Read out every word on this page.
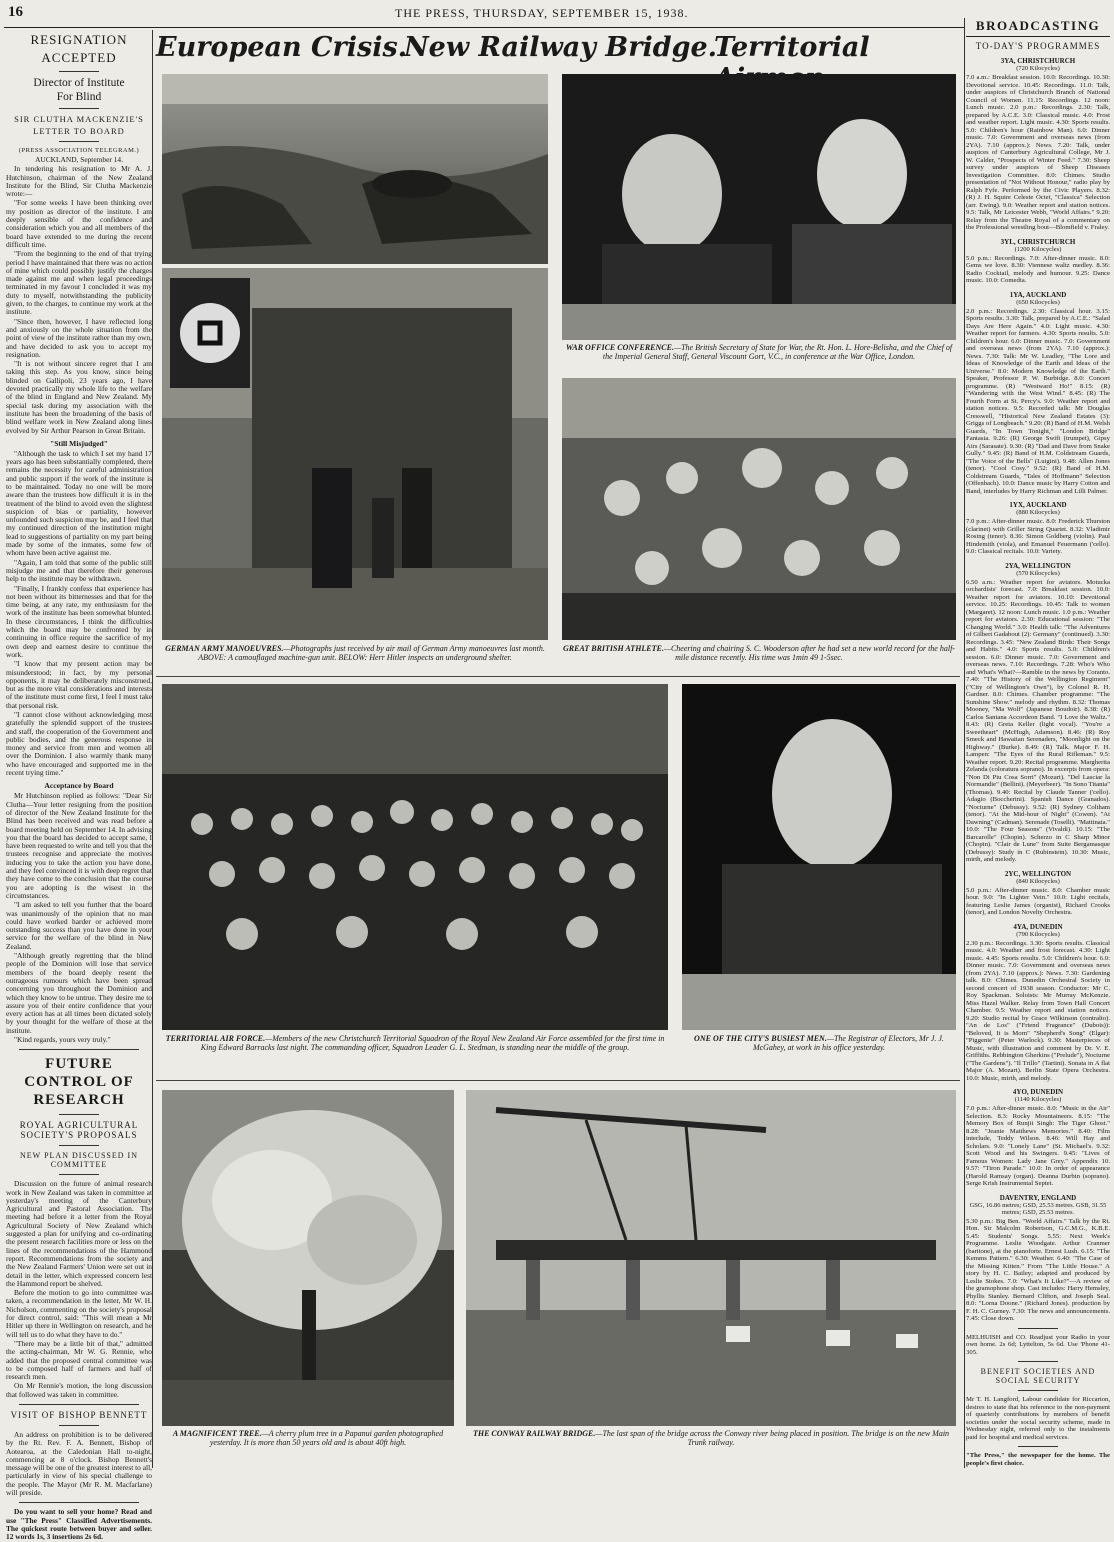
16	THE PRESS, THURSDAY, SEPTEMBER 15, 1938.
RESIGNATION
ACCEPTED
Director of Institute
For Blind
SIR CLUTHA MACKENZIE'S
LETTER TO BOARD
(PRESS ASSOCIATION TELEGRAM.)

AUCKLAND, September 14.

In tendering his resignation to Mr A. J. Hutchinson, chairman of the New Zealand Institute for the Blind, Sir Clutha Mackenzie wrote:—

"For some weeks I have been thinking over my position as director of the institute. I am deeply sensible of the confidence and consideration which you and all members of the board have extended to me during the recent difficult time.

"From the beginning to the end of that trying period I have maintained that there was no action of mine which could possibly justify the charges made against me and when legal proceedings terminated in my favour I concluded it was my duty to myself, notwithstanding the publicity given, to the charges, to continue my work at the institute.

"Since then, however, I have reflected long and anxiously on the whole situation from the point of view of the institute rather than my own, and have decided to ask you to accept my resignation.

"It is not without sincere regret that I am taking this step. As you know, since being blinded on Gallipoli, 23 years ago, I have devoted practically my whole life to the welfare of the blind in England and New Zealand. My special task during my association with the institute has been the broadening of the basis of blind welfare work in New Zealand along lines evolved by Sir Arthur Pearson in Great Britain.

"Still Misjudged"

"Although the task to which I set my hand 17 years ago has been substantially completed, there remains the necessity for careful administration and public support if the work of the institute is to be maintained. Today no one will be more aware than the trustees how difficult it is in the treatment of the blind to avoid even the slightest suspicion of bias or partiality, however unfounded such suspicion may be, and I feel that my continued direction of the institution might lead to suggestions of partiality on my part being made by some of the inmates, some few of whom have been active against me.

"Again, I am told that some of the public still misjudge me and that therefore their generous help to the institute may be withdrawn.

"Finally, I frankly confess that experience has not been without its bitternesses and that for the time being, at any rate, my enthusiasm for the work of the institute has been somewhat blunted. In these circumstances, I think the difficulties which the board may be confronted by in continuing in office require the sacrifice of my own deep and earnest desire to continue the work.

"I know that my present action may be misunderstood; in fact, by my personal opponents, it may be deliberately misconstrued, but as the more vital considerations and interests of the institute must come first, I feel I must take that personal risk.

"I cannot close without acknowledging most gratefully the splendid support of the trustees and staff, the cooperation of the Government and public bodies, and the generous response in money and service from men and women all over the Dominion. I also warmly thank many who have encouraged and supported me in the recent trying time."

Acceptance by Board

Mr Hutchinson replied as follows: "Dear Sir Clutha—Your letter resigning from the position of director of the New Zealand Institute for the Blind has been received and was read before a board meeting held on September 14. In advising you that the board has decided to accept same, I have been requested to write and tell you that the trustees recognise and appreciate the motives inducing you to take the action you have done, and they feel convinced it is with deep regret that they have come to the conclusion that the course you are adopting is the wisest in the circumstances.

"I am asked to tell you further that the board was unanimously of the opinion that no man could have worked harder or achieved more outstanding success than you have done in your service for the welfare of the blind in New Zealand.

"Although greatly regretting that the blind people of the Dominion will lose that service members of the board deeply resent the outrageous rumours which have been spread concerning you throughout the Dominion and which they know to be untrue. They desire me to assure you of their entire confidence that your every action has at all times been dictated solely by your thought for the welfare of those at the institute.

"Kind regards, yours very truly."

FUTURE CONTROL OF RESEARCH
ROYAL AGRICULTURAL SOCIETY'S PROPOSALS
NEW PLAN DISCUSSED IN COMMITTEE

Discussion on the future of animal research work in New Zealand was taken in committee at yesterday's meeting of the Canterbury Agricultural and Pastoral Association. The meeting had before it a letter from the Royal Agricultural Society of New Zealand which suggested a plan for unifying and co-ordinating the present research facilities more or less on the lines of the recommendations of the Hammond report. Recommendations from the society and the New Zealand Farmers' Union were set out in detail in the letter, which expressed concern lest the Hammond report be shelved.

Before the motion to go into committee was taken, a recommendation in the letter, Mr W. H. Nicholson, commenting on the society's proposal for direct control, said: "This will mean a Mr Hitler up there in Wellington on research, and he will tell us to do what they have to do."

"There may be a little bit of that," admitted the acting-chairman, Mr W. G. Rennie, who added that the proposed central committee was to be composed half of farmers and half of research men.

On Mr Rennie's motion, the long discussion that followed was taken in committee.

VISIT OF BISHOP BENNETT

An address on prohibition is to be delivered by the Rt. Rev. F. A. Bennett, Bishop of Aotearoa, at the Caledonian Hall to-night, commencing at 8 o'clock. Bishop Bennett's message will be one of the greatest interest to all, particularly in view of his special challenge to the people. The Mayor (Mr R. M. Macfarlane) will preside.

Do you want to sell your home? Read and use "The Press" Classified Advertisements. The quickest route between buyer and seller. 12 words 1s, 3 insertions 2s 6d.

European Crisis.
New Railway Bridge.
Territorial
GERMAN ARMY MANOEUVRES.—Photographs just received by air mail of German Army manoeuvres last month. ABOVE: A camouflaged machine-gun unit. BELOW: Herr Hitler inspects an underground shelter.
WAR OFFICE CONFERENCE.—The British Secretary of State for War, the Rt. Hon. L. Hore-Belisha, and the Chief of the Imperial General Staff, General Viscount Gort, V.C., in conference at the War Office, London.
GREAT BRITISH ATHLETE.—Cheering and chairing S. C. Wooderson after he had set a new world record for the half-mile distance recently. His time was 1min 49 1-5sec.
TERRITORIAL AIR FORCE.—Members of the new Christchurch Territorial Squadron of the Royal New Zealand Air Force assembled for the first time in King Edward Barracks last night. The commanding officer, Squadron Leader G. L. Stedman, is standing near the middle of the group.
ONE OF THE CITY'S BUSIEST MEN.—The Registrar of Electors, Mr J. J. McGahey, at work in his office yesterday.
A MAGNIFICENT TREE.—A cherry plum tree in a Papanui garden photographed yesterday. It is more than 50 years old and is about 40ft high.
THE CONWAY RAILWAY BRIDGE.—The last span of the bridge across the Conway river being placed in position. The bridge is on the new Main Trunk railway.
BROADCASTING
TO-DAY'S PROGRAMMES
3YA, CHRISTCHURCH
(720 Kilocycles)

7.0 a.m.: Breakfast session. 10.0: Recordings. 10.30: Devotional service. 10.45: Recordings. 11.0: Talk, under auspices of Christchurch Branch of National Council of Women. 11.15: Recordings. 12 noon: Lunch music. 2.0 p.m.: Recordings. 2.30: Talk, prepared by A.C.E. 3.0: Classical music. 4.0: Frost and weather report. Light music. 4.30: Sports results. 5.0: Children's hour (Rainbow Man). 6.0: Dinner music. 7.0: Government and overseas news (from 2YA). 7.10 (approx.): News. 7.20: Talk, under auspices of Canterbury Agricultural College, Mr J. W. Calder, "Prospects of Winter Feed." 7.30: Sheep survey under auspices of Sheep Diseases Investigation Committee. 8.0: Chimes. Studio presentation of "Not Without Honour," radio play by Ralph Fyfe. Performed by the Civic Players. 8.32: (R) J. H. Squire Celeste Octet, "Classica" Selection (arr. Ewing). 9.0: Weather report and station notices. 9.5: Talk, Mr Leicester Webb, "World Affairs." 9.20: Relay from the Theatre Royal of a commentary on the Professional wrestling bout—Blomfield v. Fraley.

3YL, CHRISTCHURCH
(1200 Kilocycles)

5.0 p.m.: Recordings. 7.0: After-dinner music. 8.0: Gems we love. 8.30: Viennese waltz medley. 8.36: Radio Cocktail, melody and humour. 9.25: Dance music. 10.0: Comedia.

1YA, AUCKLAND
(650 Kilocycles)

2.0 p.m.: Recordings. 2.30: Classical hour. 3.15: Sports results. 3.30: Talk, prepared by A.C.E.: "Salad Days Are Here Again." 4.0: Light music. 4.30: Weather report for farmers. 4.30: Sports results. 5.0: Children's hour. 6.0: Dinner music. 7.0: Government and overseas news (from 2YA). 7.10 (approx.): News. 7.30: Talk: Mr W. Leadley, "The Lore and Ideas of Knowledge of the Earth and Ideas of the Universe." 8.0: Modern Knowledge of the Earth." Speaker, Professor P. W. Burbidge. 8.0: Concert programme. (R) "Westward Ho!" 8.15: (R) "Wandering with the West Wind." 8.45: (R) The Fourth Form at St. Percy's. 9.0: Weather report and station notices. 9.5: Recorded talk: Mr Douglas Cresswell, "Historical New Zealand Estates (3): Griggs of Longbeach." 9.20: (R) Band of H.M. Welsh Guards, "In Town Tonight," "London Bridge" Fantasia. 9.26: (R) George Swift (trumpet), Gipsy Airs (Sarasate). 9.30: (R) "Dad and Dave from Snake Gully." 9.45: (R) Band of H.M. Coldstream Guards, "The Voice of the Bells" (Luigini). 9.48: Allen Jones (tenor). "Cool Cosy." 9.52: (R) Band of H.M. Coldstream Guards, "Tales of Hoffmann" Selection (Offenbach). 10.0: Dance music by Harry Cotton and Band, interludes by Harry Richman and Lilli Palmer.

1YX, AUCKLAND
(880 Kilocycles)

7.0 p.m.: After-dinner music. 8.0: Frederick Thurston (clarinet) with Griller String Quartet. 8.32: Vladimir Rosing (tenor). 8.36: Simon Goldberg (violin). Paul Hindemith (viola), and Emanuel Feuermann ('cello). 9.0: Classical recitals. 10.0: Variety.

2YA, WELLINGTON
(570 Kilocycles)

6.50 a.m.: Weather report for aviators. Motucka orchardists' forecast. 7.0: Breakfast session. 10.0: Weather report for aviators. 10.10: Devotional service. 10.25: Recordings. 10.45: Talk to women (Margaret). 12 noon: Lunch music. 1.0 p.m.: Weather report for aviators. 2.30: Educational session: "The Changing World." 3.0: Health talk: "The Adventures of Gilbert Gadabout (2): Germany" (continued). 3.30: Recordings. 3.45: "New Zealand Birds: Their Songs and Habits." 4.0: Sports results. 5.0: Children's session. 6.0: Dinner music. 7.0: Government and overseas news. 7.10: Recordings. 7.28: Who's Who and What's What?—Ramble in the news by Coranto. 7.40: "The History of the Wellington Regiment" ("City of Wellington's Own"), by Colonel R. H. Gardner. 8.0: Chimes. Chamber programme: "The Sunshine Show." melody and rhythm. 8.32: Thomas Mooney, "Ma Wolf" (Japanese Boudoir). 8.38: (R) Carlos Santana Accordeon Band. "I Love the Waltz." 8.43: (R) Greta Keller (light vocal). "You're a Sweetheart" (McHugh, Adamson). 8.46: (R) Roy Smeck and Hawaiian Serenaders, "Moonlight on the Highway." (Burke). 8.49: (R) Talk. Major F. H. Lampen: "The Eyes of the Rural Rifleman." 9.5: Weather report. 9.20: Recital programme. Margherita Zelanda (coloratura soprano). In excerpts from opera: "Non Di Piu Cosa Sorri" (Mozart). "Del Lasciar la Normandie" (Bellini). (Meyerbeer). "In Sono Titania" (Thomas). 9.40: Recital by Claude Tanner ('cello). Adagio (Boccherini). Spanish Dance (Granados). "Nocturne" (Debussy). 9.52: (R) Sydney Coltham (tenor). "At the Mid-hour of Night" (Cowen). "At Dawning" (Cadman). Serenade (Toselli). "Mattinata." 10.0: "The Four Seasons" (Vivaldi). 10.15: "The Barcarolle" (Chopin). Scherzo in C Sharp Minor (Chopin). "Clair de Lune" from Suite Bergamasque (Debussy): Study in C (Rubinstein). 10.30: Music, mirth, and melody.

2YC, WELLINGTON
(840 Kilocycles)

5.0 p.m.: After-dinner music. 8.0: Chamber music hour. 9.0: "In Lighter Vein." 10.0: Light recitals, featuring Leslie James (organist), Richard Crooks (tenor), and London Novelty Orchestra.

4YA, DUNEDIN
(790 Kilocycles)

2.30 p.m.: Recordings. 3.30: Sports results. Classical music. 4.0: Weather and frost forecast. 4.30: Light music. 4.45: Sports results. 5.0: Children's hour. 6.0: Dinner music. 7.0: Government and overseas news (from 2YA). 7.10 (approx.): News. 7.30: Gardening talk. 8.0: Chimes. Dunedin Orchestral Society in second concert of 1938 season. Conductor: Mr C. Roy Spackman. Soloists: Mr Murray McKenzie. Miss Hazel Walker. Relay from Town Hall Concert Chamber. 9.5: Weather report and station notices. 9.20: Studio recital by Grace Wilkinson (contralto). "An de Los" ("Friend Fragrance" (Dubois)): "Beloved, It is Morn" "Shepherd's Song" (Elgar): "Piggenie" (Peter Warlock). 9.30: Masterpieces of Music, with illustration and comment by Dr. V. E. Griffiths. Rebbington Gherkins ("Prelude"), Nocturne ("The Gardens"). "Il Trillo" (Tartini). Sonata in A flat Major (A. Mozart). Berlin State Opera Orchestra. 10.0: Music, mirth, and melody.

4YO, DUNEDIN
(1140 Kilocycles)

7.0 p.m.: After-dinner music. 8.0: "Music in the Air" Selection. 8.3: Rocky Mountaineers. 8.15: "The Memory Box of Runjit Singh: The Tiger Ghost." 8.28: "Jeanie Matthews Memories." 8.40: Film interlude, Teddy Wilson. 8.46: Will Hay and Scholars. 9.0: "Lonely Lane" (St. Michael's. 9.32: Scott Wood and his Swingers. 9.45: "Lives of Famous Women: Lady Jane Grey." Appendix 10. 9.57: "Tiron Parade." 10.0: In order of appearance (Harold Ramsay (organ). Deanna Durbin (soprano). Serge Krish Instrumental Septet.

DAVENTRY, ENGLAND
GSG, 16.86 metres; GSD, 25.53 metres. GSB, 31.55 metres; GSD, 25.53 metres.

5.30 p.m.: Big Ben. "World Affairs." Talk by the Rt. Hon. Sir Malcolm Robertson, G.C.M.G., K.B.E. 5.45: Students' Songs. 5.55: Next Week's Programme. Leslie Woodgate. Arthur Cranmer (baritone), at the pianoforte. Ernest Lush. 6.15: "The Kemms Pattern." 6.30: Weather. 6.40: "The Case of the Missing Kitten." From "The Little House." A story by H. C. Bailey; adapted and produced by Leslie Stokes. 7.0: "What's It Like?"—A review of the gramophone shop. Cast includes: Harry Hemsley, Phyllis Stanley. Bernard Clifton, and Joseph Seal. 8.0: "Lorna Doone." (Richard Jones). production by F. H. C. Gurney. 7.30: The news and announcements. 7.45: Close down.

MELHUISH and CO. Readjust your Radio in your own home. 2s 6d; Lyttelton, 5s 6d. Use 'Phone 41-305.

BENEFIT SOCIETIES AND SOCIAL SECURITY

Mr T. H. Langford, Labour candidate for Riccarton, desires to state that his reference to the non-payment of quarterly contributions by members of benefit societies under the social security scheme, made in Wednesday night, referred only to the instalments paid for hospital and medical services.

"The Press," the newspaper for the home. The people's first choice.
